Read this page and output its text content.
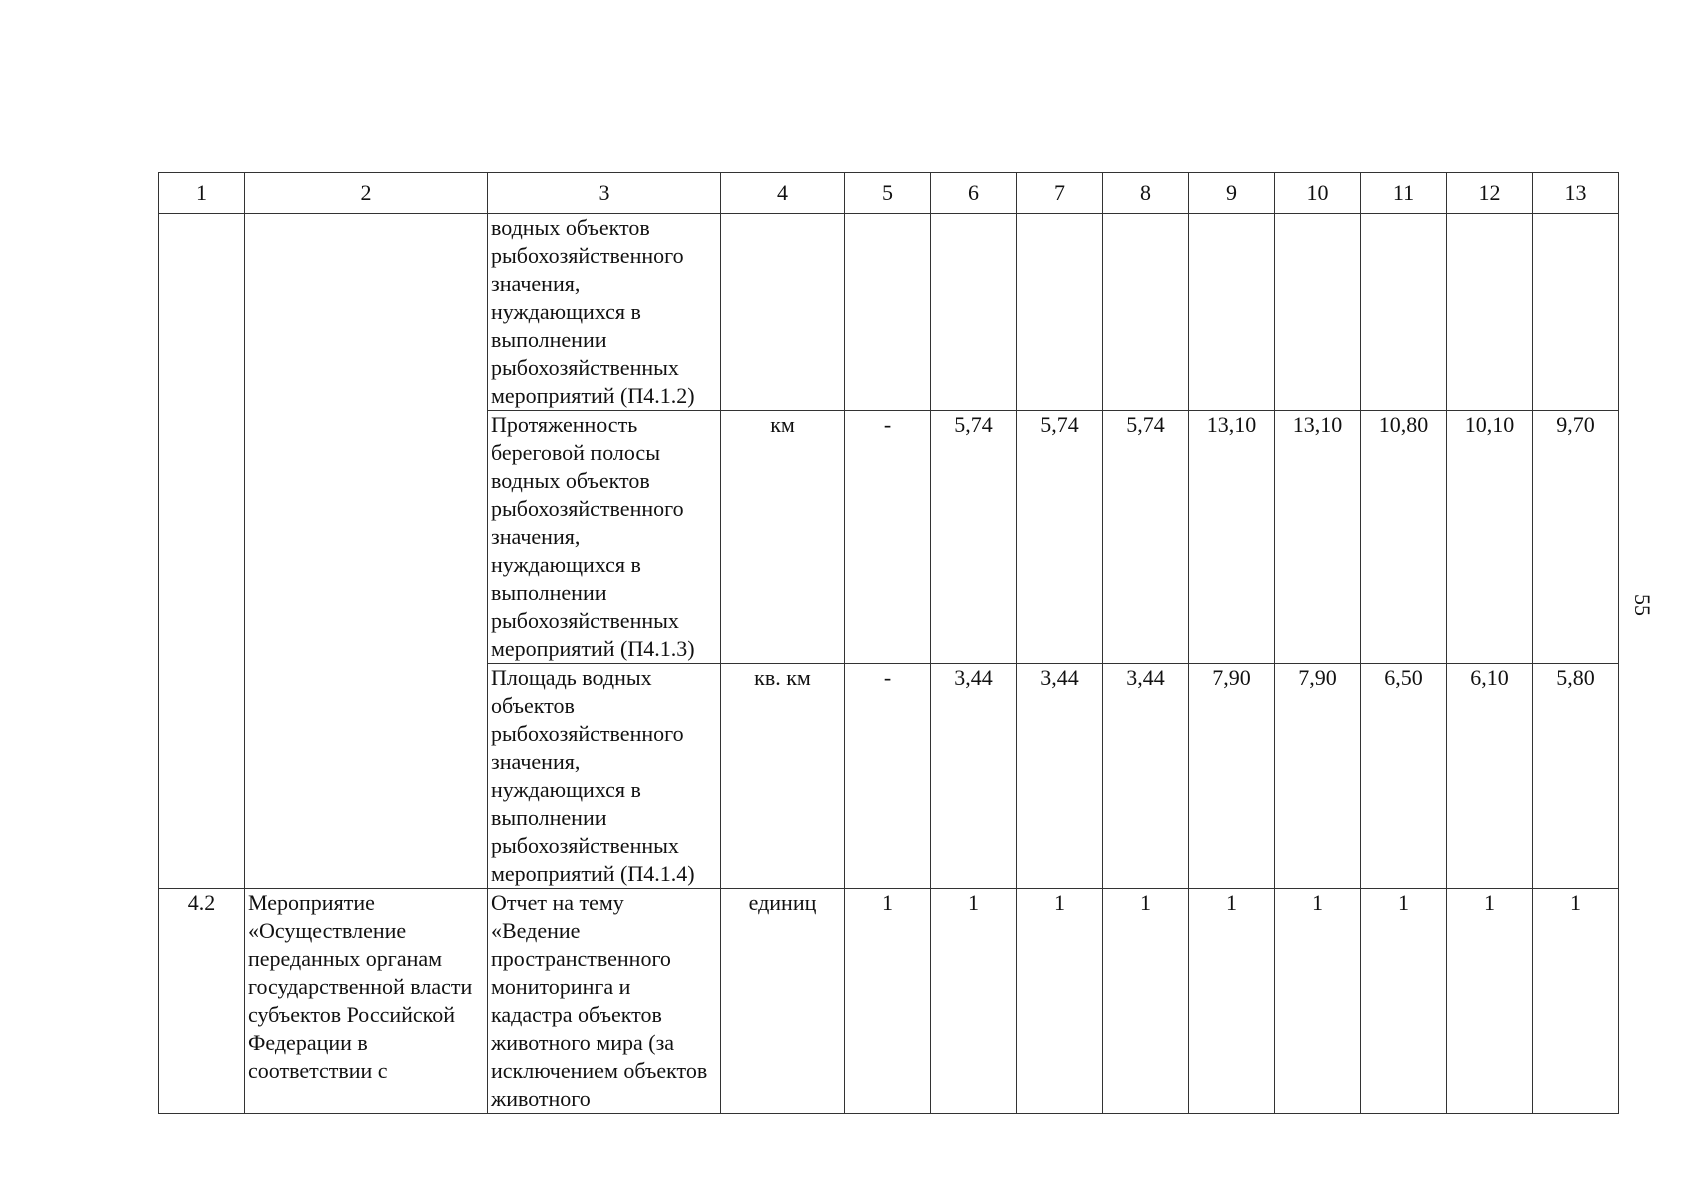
1	2	3	4	5	6	7	8	9	10	11	12	13
		водных объектов рыбохозяйственного значения, нуждающихся в выполнении рыбохозяйственных мероприятий (П4.1.2)										
		Протяженность береговой полосы водных объектов рыбохозяйственного значения, нуждающихся в выполнении рыбохозяйственных мероприятий (П4.1.3)	км	-	5,74	5,74	5,74	13,10	13,10	10,80	10,10	9,70
		Площадь водных объектов рыбохозяйственного значения, нуждающихся в выполнении рыбохозяйственных мероприятий (П4.1.4)	кв. км	-	3,44	3,44	3,44	7,90	7,90	6,50	6,10	5,80
4.2	Мероприятие «Осуществление переданных органам государственной власти субъектов Российской Федерации в соответствии с	Отчет на тему «Ведение пространственного мониторинга и кадастра объектов животного мира (за исключением объектов животного	единиц	1	1	1	1	1	1	1	1	1
55
